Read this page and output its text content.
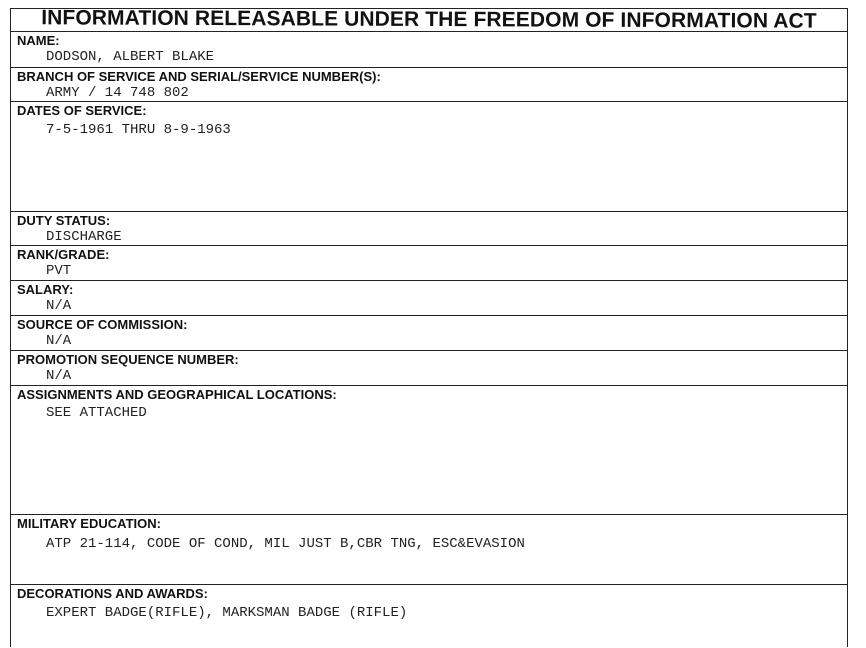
INFORMATION RELEASABLE UNDER THE FREEDOM OF INFORMATION ACT
NAME:
DODSON, ALBERT BLAKE
BRANCH OF SERVICE AND SERIAL/SERVICE NUMBER(S):
ARMY / 14 748 802
DATES OF SERVICE:
7-5-1961 THRU 8-9-1963
DUTY STATUS:
DISCHARGE
RANK/GRADE:
PVT
SALARY:
N/A
SOURCE OF COMMISSION:
N/A
PROMOTION SEQUENCE NUMBER:
N/A
ASSIGNMENTS AND GEOGRAPHICAL LOCATIONS:
SEE ATTACHED
MILITARY EDUCATION:
ATP 21-114, CODE OF COND, MIL JUST B,CBR TNG, ESC&EVASION
DECORATIONS AND AWARDS:
EXPERT BADGE(RIFLE), MARKSMAN BADGE (RIFLE)
